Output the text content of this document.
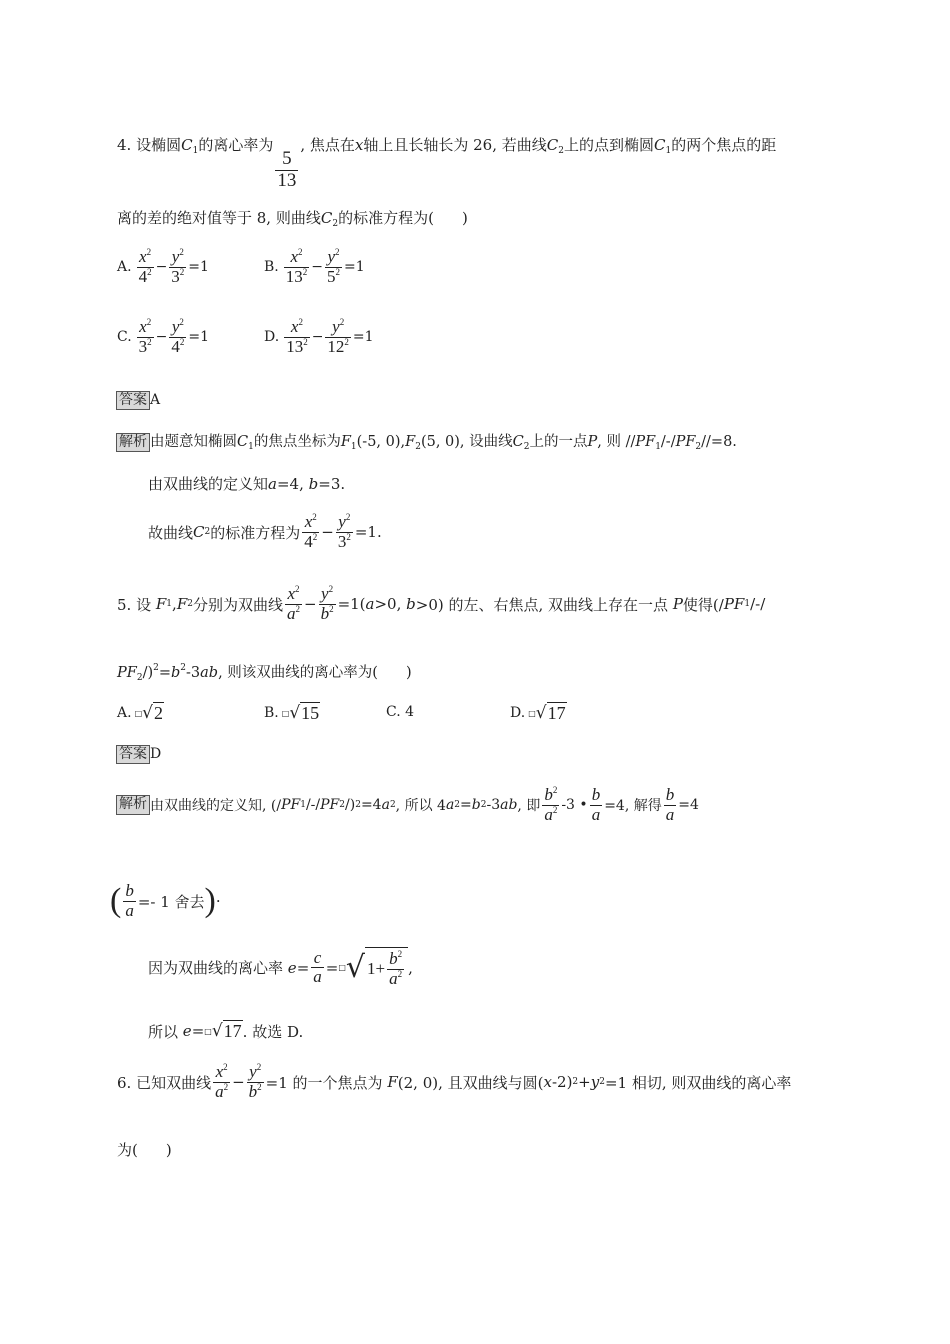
4. 设椭圆$C_1$的离心率为
$\frac{5}{13}$
, 焦点在x轴上且长轴长为 26, 若曲线$C_2$上的点到椭圆$C_1$的两个焦点的距
离的差的绝对值等于 8, 则曲线$C_2$的标准方程为( )
A. $\frac{x^2}{4^2} - \frac{y^2}{3^2} =1$	B. $\frac{x^2}{13^2} - \frac{y^2}{5^2} =1$
C. $\frac{x^2}{3^2} - \frac{y^2}{4^2} =1$	D. $\frac{x^2}{13^2} - \frac{y^2}{12^2} =1$
答案 A
解析 由题意知椭圆$C_1$的焦点坐标为$F_1(-5$, $0),F_2(5$, 0), 设曲线$C_2$上的一点P, 则 $//PF_1/-/PF_2//=8$.
由双曲线的定义知a=4, b=3.
故曲线 C 2 的标准方程为 $\frac{x^2}{4^2} - \frac{y^2}{3^2} =1$.
5. 设
F 1 , F 2 分别为双曲线 $\frac{x^2}{a^2} - \frac{y^2}{b^2} =1$( a >0,
b >0) 的左、右焦点, 双曲线上存在一点
P 使得(/ PF 1 /-/
$PF_2/)^2=b^2-3ab$, 则该双曲线的离心率为( )
A. □ √ 2	B. □ √ 15	C. 4	D. □ √ 17
答案 D
解析 由双曲线的定义知, (/ PF 1 /-/ PF 2 /) 2 =4 a 2 , 所以 4 a 2 = b 2 -3 ab , 即 $\frac{b^2}{a^2} -3$ • $\frac{b}{a} =4$, 解得 $\frac{b}{a} =4$
( $\frac{b}{a} =- 1$ 舍去 ) ·
因为双曲线的离心率
$e = \frac{c}{a}$ = □ √ $1+ \frac{b^2}{a^2}$ ,
所以
e = □ √ 17 . 故选 D.
6. 已知双曲线 $\frac{x^2}{a^2} - \frac{y^2}{b^2} =1$ 的一个焦点为
F (2, 0), 且双曲线与圆( x -2) 2 + y 2 =1 相切, 则双曲线的离心率
为( )
